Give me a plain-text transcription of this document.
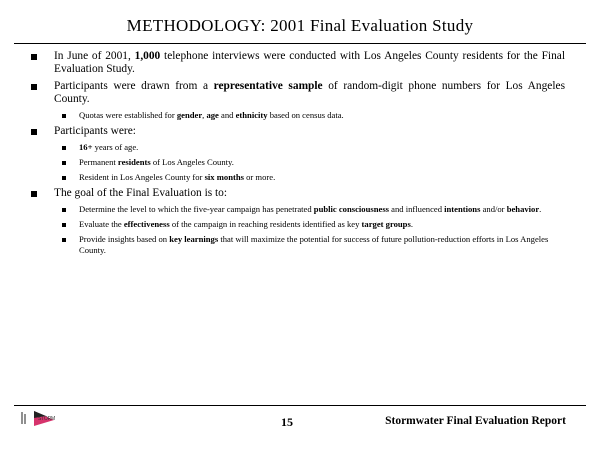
METHODOLOGY: 2001 Final Evaluation Study
In June of 2001, 1,000 telephone interviews were conducted with Los Angeles County residents for the Final Evaluation Study.
Participants were drawn from a representative sample of random-digit phone numbers for Los Angeles County.
Quotas were established for gender, age and ethnicity based on census data.
Participants were:
16+ years of age.
Permanent residents of Los Angeles County.
Resident in Los Angeles County for six months or more.
The goal of the Final Evaluation is to:
Determine the level to which the five-year campaign has penetrated public consciousness and influenced intentions and/or behavior.
Evaluate the effectiveness of the campaign in reaching residents identified as key target groups.
Provide insights based on key learnings that will maximize the potential for success of future pollution-reduction efforts in Los Angeles County.
STORM	15	Stormwater Final Evaluation Report
